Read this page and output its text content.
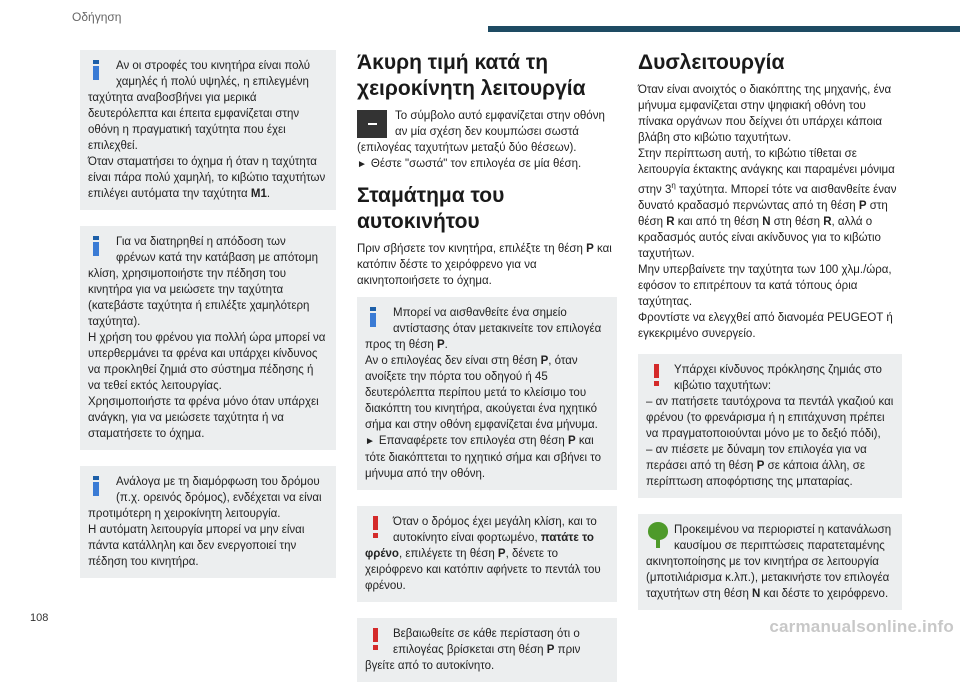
Οδήγηση

Αν οι στροφές του κινητήρα είναι πολύ χαμηλές ή πολύ υψηλές, η επιλεγμένη ταχύτητα αναβοσβήνει για μερικά δευτερόλεπτα και έπειτα εμφανίζεται στην οθόνη η πραγματική ταχύτητα που έχει επιλεχθεί.

Όταν σταματήσει το όχημα ή όταν η ταχύτητα είναι πάρα πολύ χαμηλή, το κιβώτιο ταχυτήτων επιλέγει αυτόματα την ταχύτητα M1.

Για να διατηρηθεί η απόδοση των φρένων κατά την κατάβαση με απότομη κλίση, χρησιμοποιήστε την πέδηση του κινητήρα για να μειώσετε την ταχύτητα (κατεβάστε ταχύτητα ή επιλέξτε χαμηλότερη ταχύτητα).

Η χρήση του φρένου για πολλή ώρα μπορεί να υπερθερμάνει τα φρένα και υπάρχει κίνδυνος να προκληθεί ζημιά στο σύστημα πέδησης ή να τεθεί εκτός λειτουργίας.

Χρησιμοποιήστε τα φρένα μόνο όταν υπάρχει ανάγκη, για να μειώσετε ταχύτητα ή να σταματήσετε το όχημα.

Ανάλογα με τη διαμόρφωση του δρόμου (π.χ. ορεινός δρόμος), ενδέχεται να είναι προτιμότερη η χειροκίνητη λειτουργία.

Η αυτόματη λειτουργία μπορεί να μην είναι πάντα κατάλληλη και δεν ενεργοποιεί την πέδηση του κινητήρα.

Άκυρη τιμή κατά τη χειροκίνητη λειτουργία
Το σύμβολο αυτό εμφανίζεται στην οθόνη αν μία σχέση δεν κουμπώσει σωστά (επιλογέας ταχυτήτων μεταξύ δύο θέσεων).
► Θέστε "σωστά" τον επιλογέα σε μία θέση.
Σταμάτημα του αυτοκινήτου

Πριν σβήσετε τον κινητήρα, επιλέξτε τη θέση P και κατόπιν δέστε το χειρόφρενο για να ακινητοποιήσετε το όχημα.

Μπορεί να αισθανθείτε ένα σημείο αντίστασης όταν μετακινείτε τον επιλογέα προς τη θέση P.

Αν ο επιλογέας δεν είναι στη θέση P, όταν ανοίξετε την πόρτα του οδηγού ή 45 δευτερόλεπτα περίπου μετά το κλείσιμο του διακόπτη του κινητήρα, ακούγεται ένα ηχητικό σήμα και στην οθόνη εμφανίζεται ένα μήνυμα.

► Επαναφέρετε τον επιλογέα στη θέση P και τότε διακόπτεται το ηχητικό σήμα και σβήνει το μήνυμα από την οθόνη.

Όταν ο δρόμος έχει μεγάλη κλίση, και το αυτοκίνητο είναι φορτωμένο, πατάτε το φρένο, επιλέγετε τη θέση P, δένετε το χειρόφρενο και κατόπιν αφήνετε το πεντάλ του φρένου.

Βεβαιωθείτε σε κάθε περίσταση ότι ο επιλογέας βρίσκεται στη θέση P πριν βγείτε από το αυτοκίνητο.

Δυσλειτουργία

Όταν είναι ανοιχτός ο διακόπτης της μηχανής, ένα μήνυμα εμφανίζεται στην ψηφιακή οθόνη του πίνακα οργάνων που δείχνει ότι υπάρχει κάποια βλάβη στο κιβώτιο ταχυτήτων.

Στην περίπτωση αυτή, το κιβώτιο τίθεται σε λειτουργία έκτακτης ανάγκης και παραμένει μόνιμα στην $3^\eta$ ταχύτητα. Μπορεί τότε να αισθανθείτε έναν δυνατό κραδασμό περνώντας από τη θέση P στη θέση R και από τη θέση N στη θέση R, αλλά ο κραδασμός αυτός είναι ακίνδυνος για το κιβώτιο ταχυτήτων.

Μην υπερβαίνετε την ταχύτητα των 100 χλμ./ώρα, εφόσον το επιτρέπουν τα κατά τόπους όρια ταχύτητας.

Φροντίστε να ελεγχθεί από διανομέα PEUGEOT ή εγκεκριμένο συνεργείο.

Υπάρχει κίνδυνος πρόκλησης ζημιάς στο κιβώτιο ταχυτήτων:

– αν πατήσετε ταυτόχρονα τα πεντάλ γκαζιού και φρένου (το φρενάρισμα ή η επιτάχυνση πρέπει να πραγματοποιούνται μόνο με το δεξιό πόδι),

– αν πιέσετε με δύναμη τον επιλογέα για να περάσει από τη θέση P σε κάποια άλλη, σε περίπτωση αποφόρτισης της μπαταρίας.

Προκειμένου να περιοριστεί η κατανάλωση καυσίμου σε περιπτώσεις παρατεταμένης ακινητοποίησης με τον κινητήρα σε λειτουργία (μποτιλιάρισμα κ.λπ.), μετακινήστε τον επιλογέα ταχυτήτων στη θέση N και δέστε το χειρόφρενο.

108	carmanualsonline.info
